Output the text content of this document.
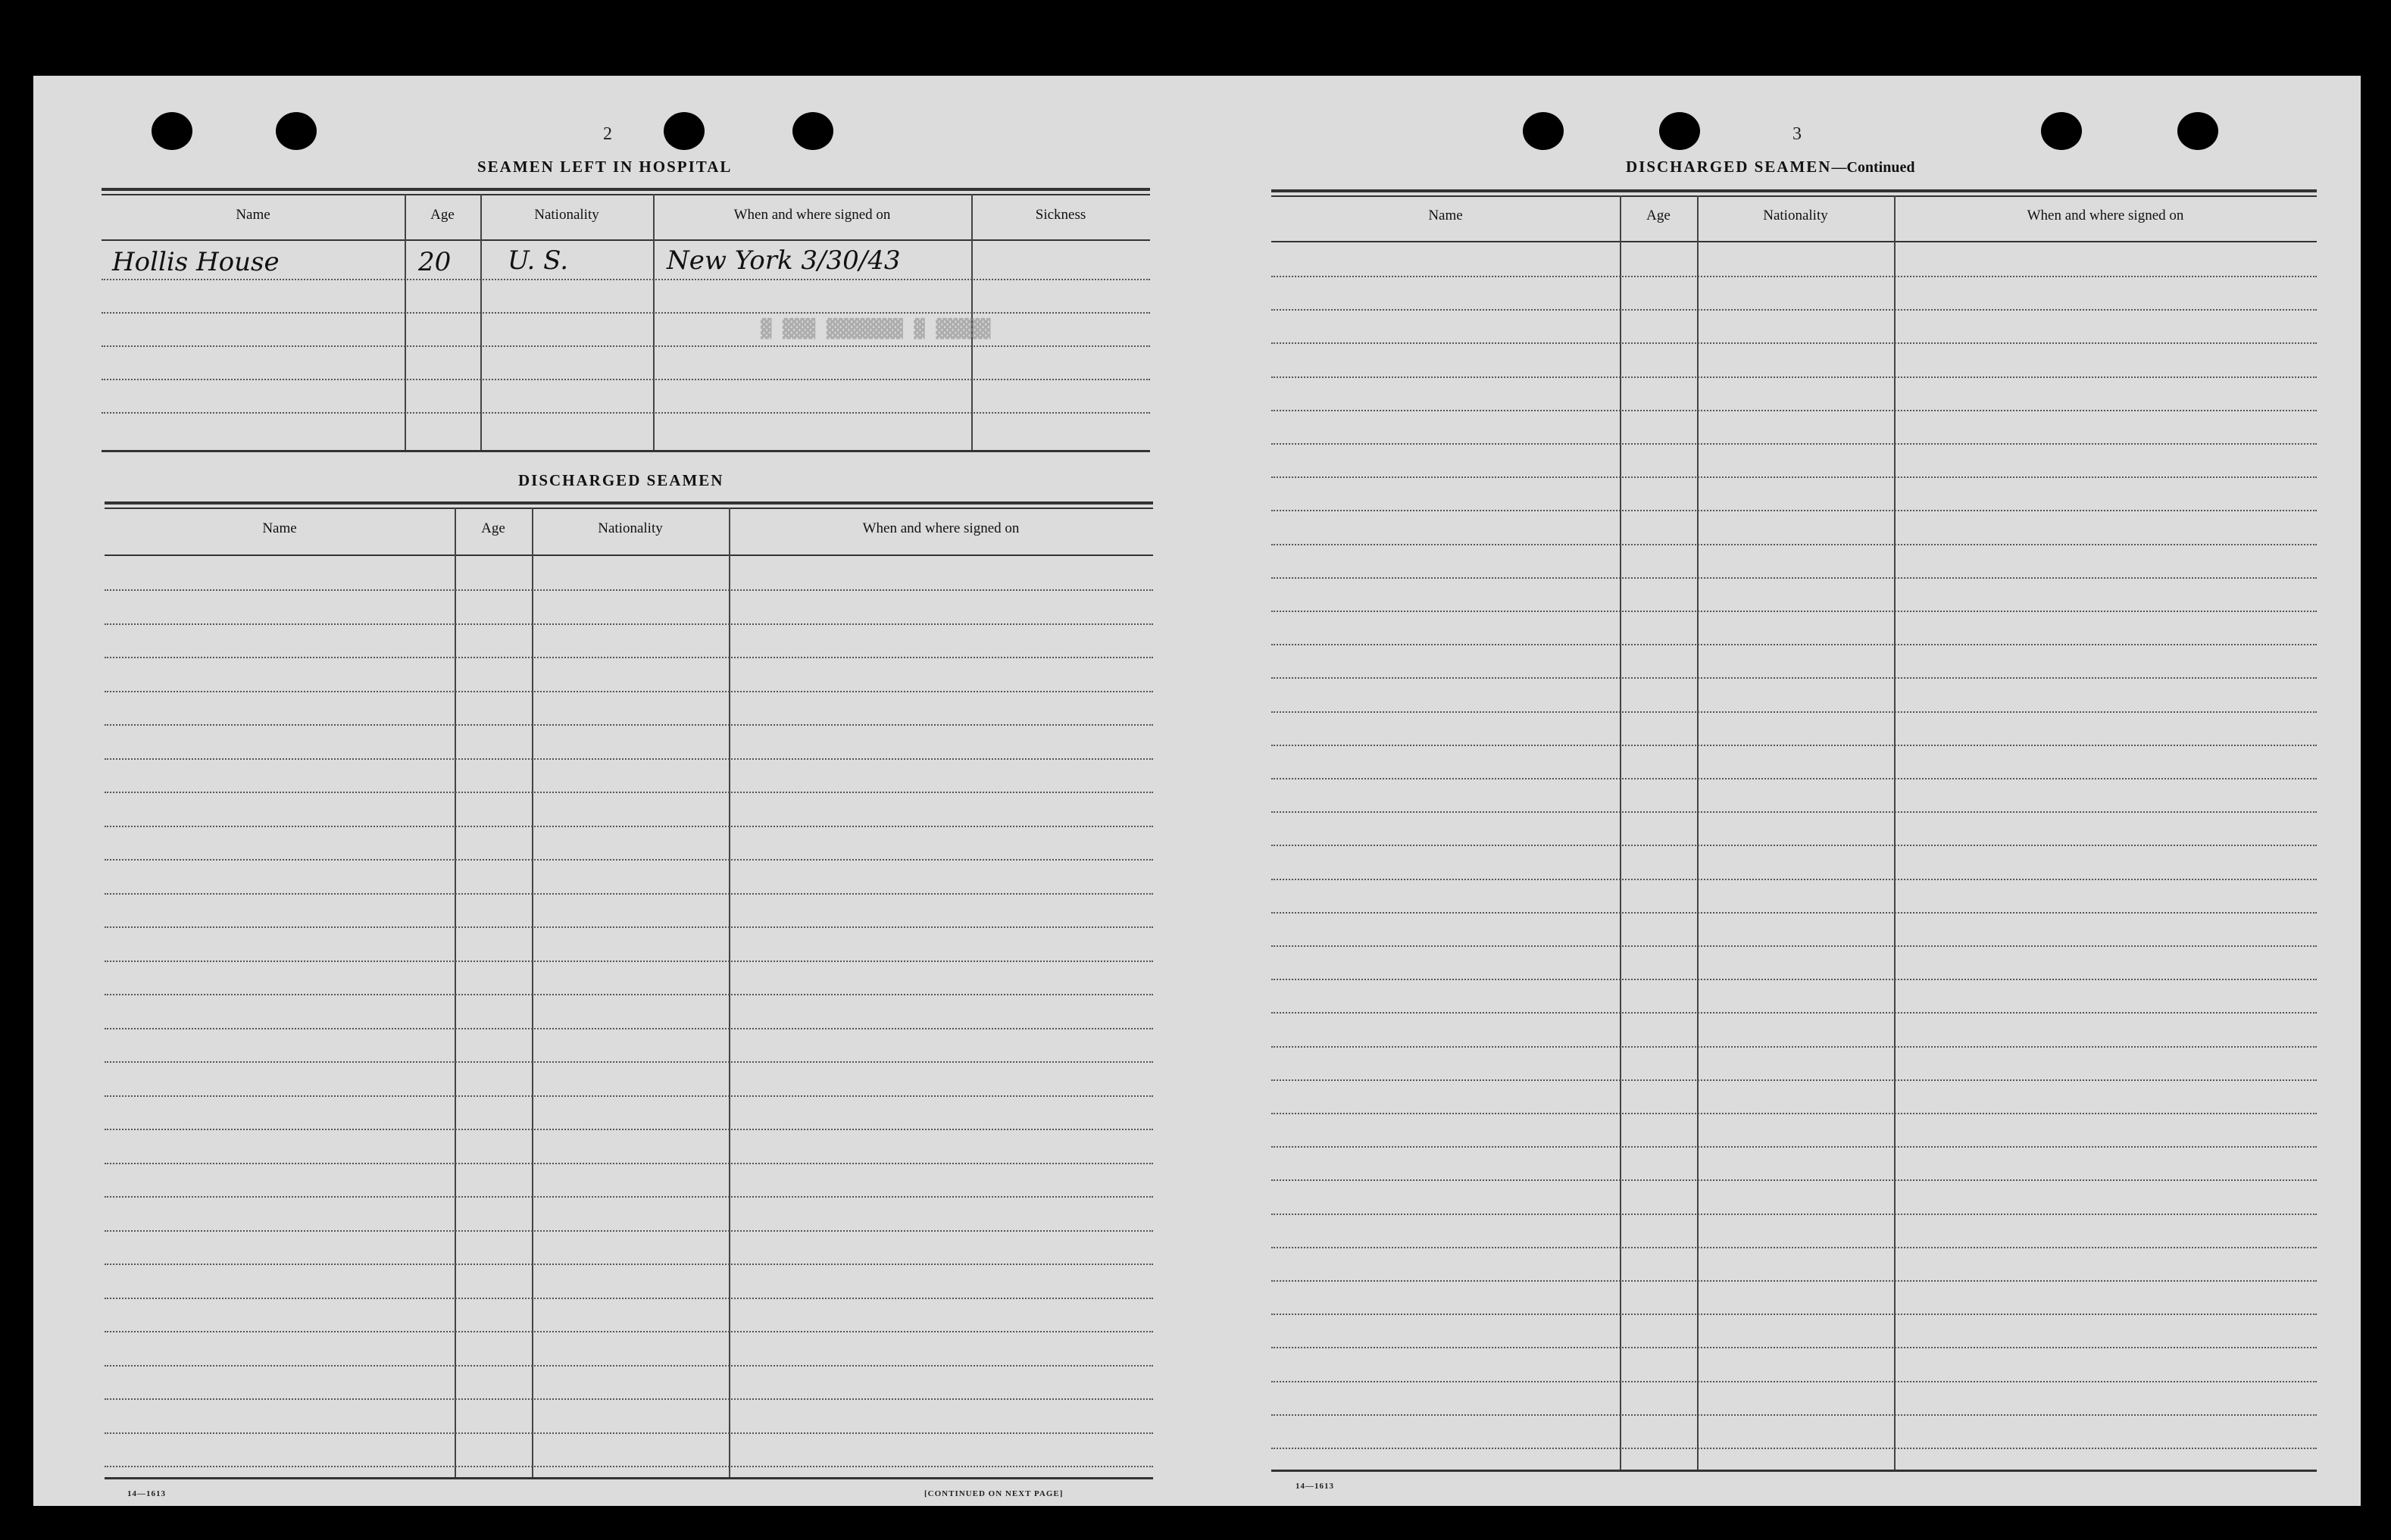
2
SEAMEN LEFT IN HOSPITAL
Name	Age	Nationality	When and where signed on	Sickness
Hollis House	20 U. S.	New York 3/30/43
DISCHARGED SEAMEN
Name	Age	Nationality	When and where signed on
14—1613	[CONTINUED ON NEXT PAGE]
▓ ▓▓▓ ▓▓▓▓▓▓▓ ▓ ▓▓▓▓▓
3
DISCHARGED SEAMEN—Continued
Name	Age	Nationality	When and where signed on
14—1613
